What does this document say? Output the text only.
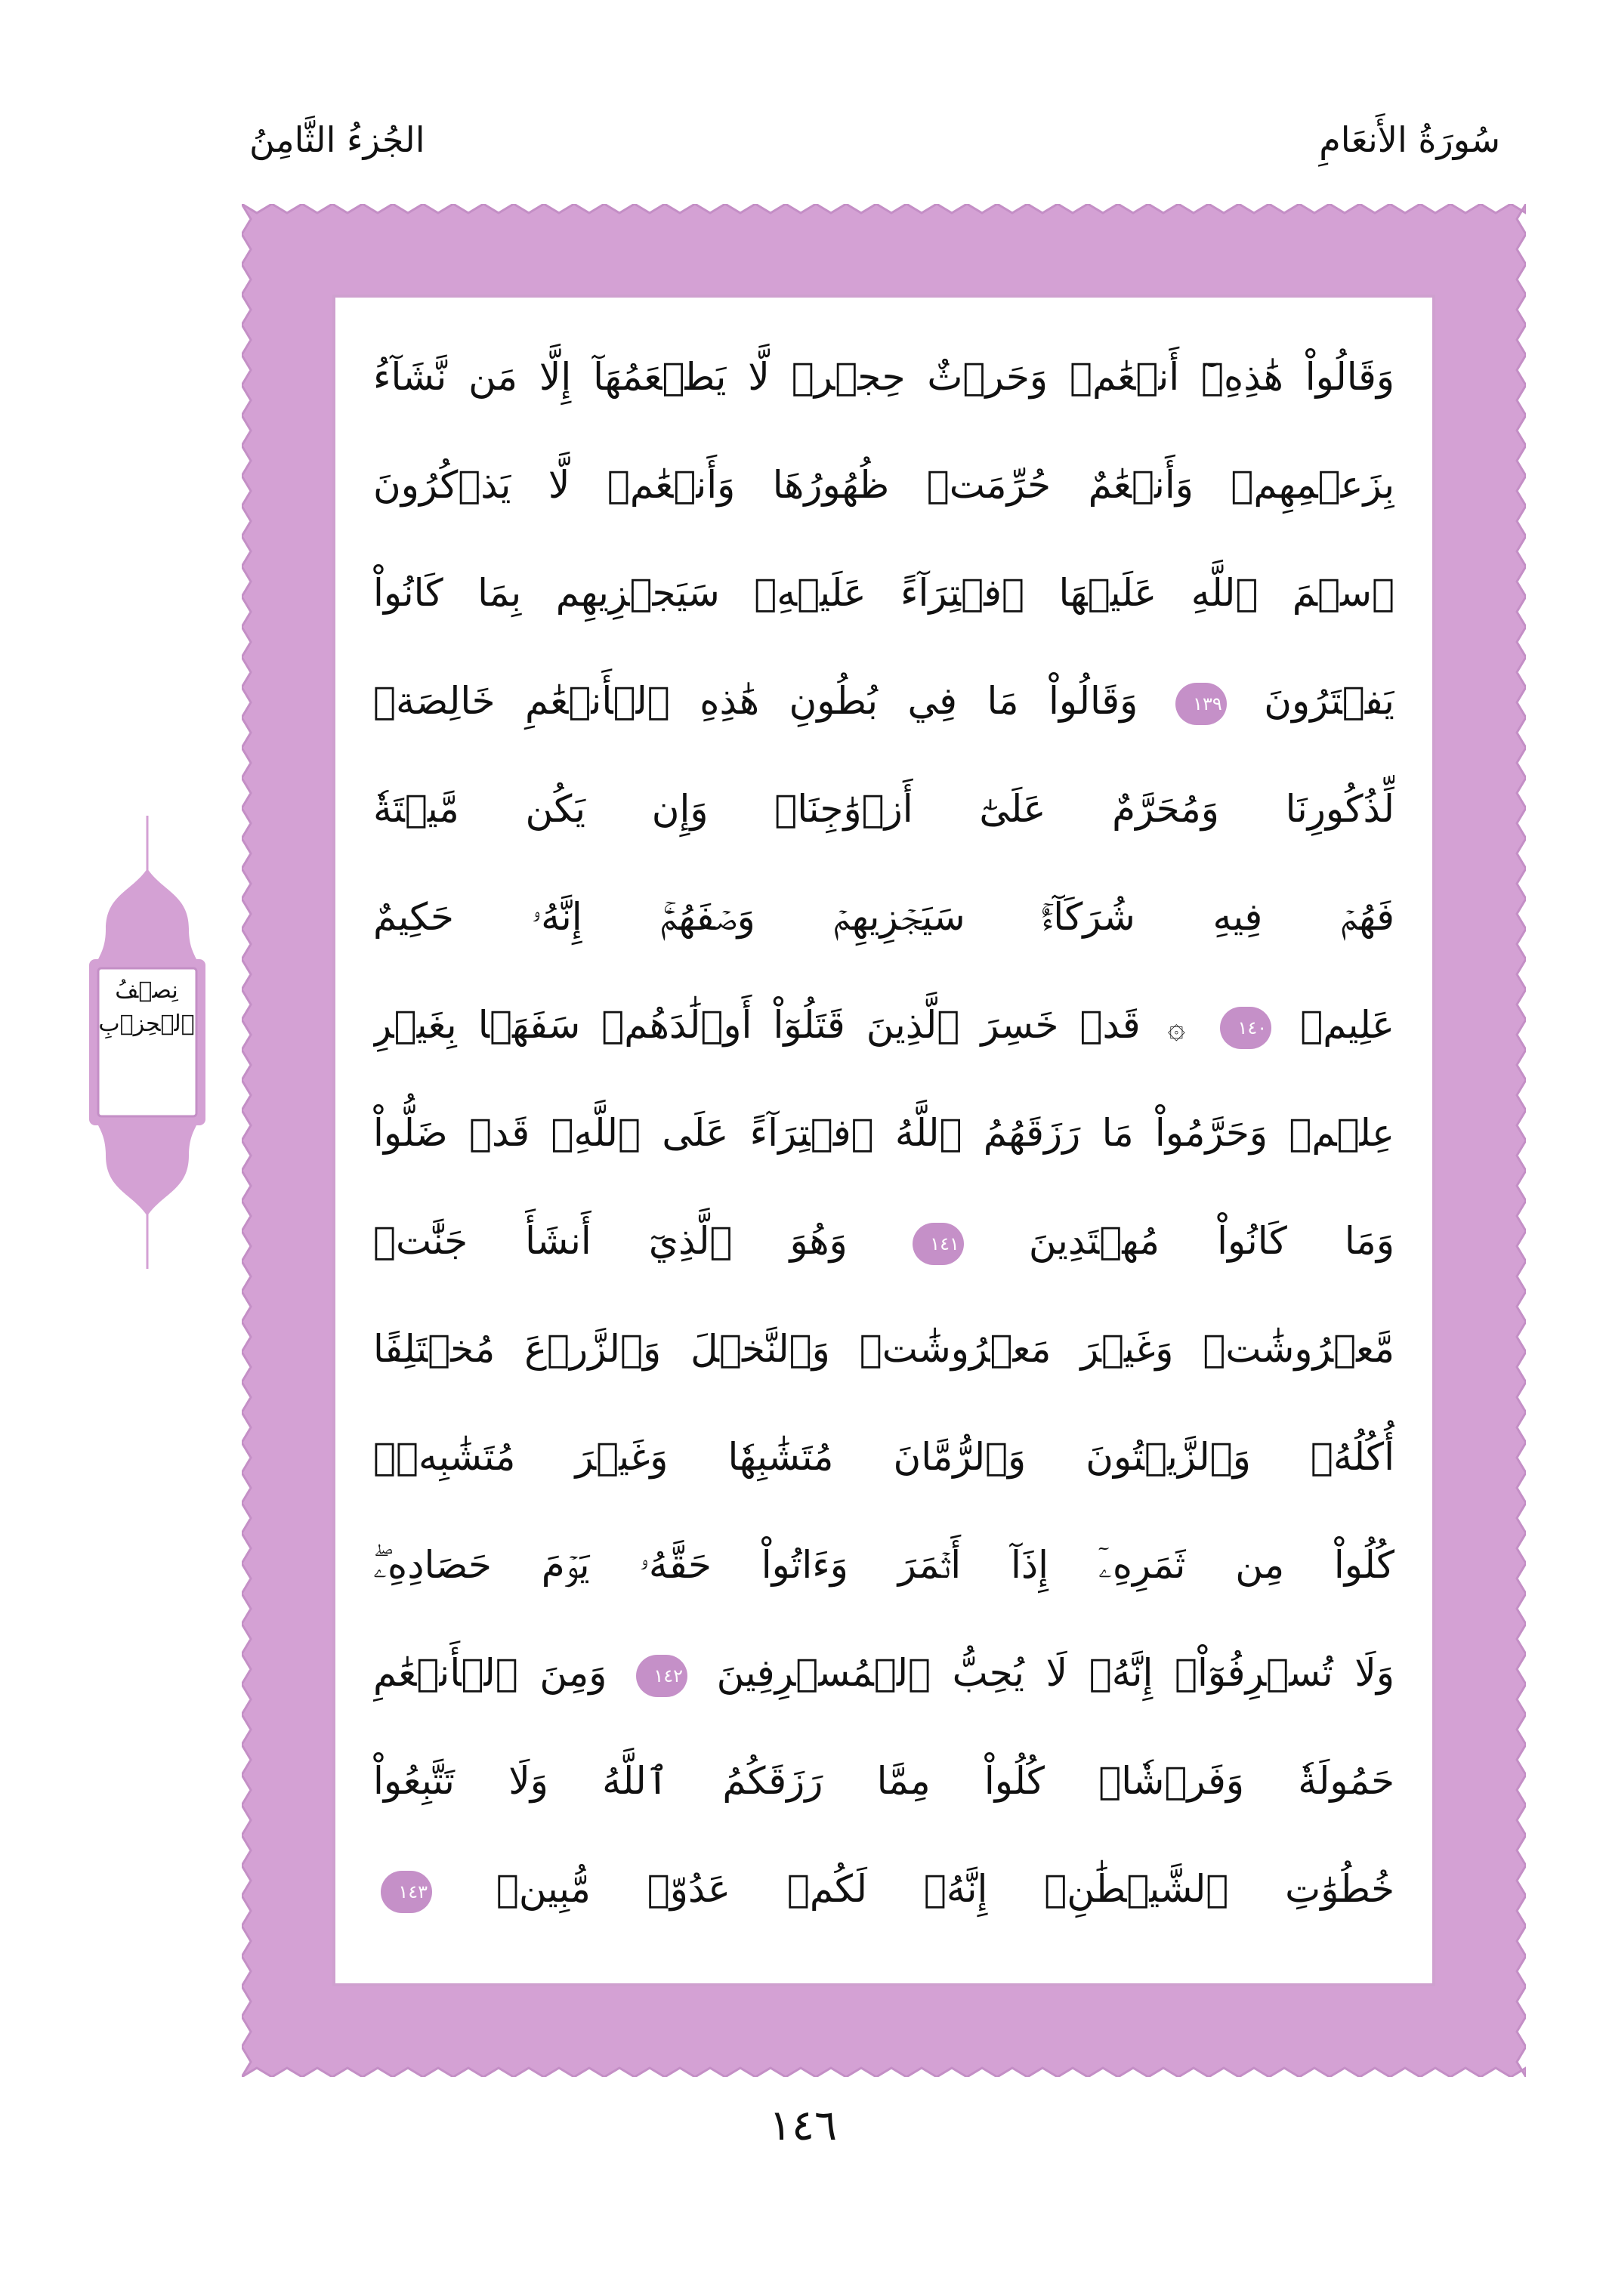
سُورَةُ الأَنعَامِ
الجُزءُ الثَّامِنُ
وَقَالُواْ هَٰذِهِۦٓ أَنۡعَٰمٞ وَحَرۡثٌ حِجۡرٞ لَّا يَطۡعَمُهَآ إِلَّا مَن نَّشَآءُ
بِزَعۡمِهِمۡ وَأَنۡعَٰمٌ حُرِّمَتۡ ظُهُورُهَا وَأَنۡعَٰمٞ لَّا يَذۡكُرُونَ
ٱسۡمَ ٱللَّهِ عَلَيۡهَا ٱفۡتِرَآءً عَلَيۡهِۚ سَيَجۡزِيهِم بِمَا كَانُواْ
يَفۡتَرُونَ ١٣٩ وَقَالُواْ مَا فِي بُطُونِ هَٰذِهِ ٱلۡأَنۡعَٰمِ خَالِصَةٞ
لِّذُكُورِنَا وَمُحَرَّمٌ عَلَىٰٓ أَزۡوَٰجِنَاۖ وَإِن يَكُن مَّيۡتَةٗ
فَهُمۡ فِيهِ شُرَكَآءُۚ سَيَجۡزِيهِمۡ وَصۡفَهُمۡۚ إِنَّهُۥ حَكِيمٌ
عَلِيمٞ ١٤٠ ۞ قَدۡ خَسِرَ ٱلَّذِينَ قَتَلُوٓاْ أَوۡلَٰدَهُمۡ سَفَهَۢا بِغَيۡرِ
عِلۡمٖ وَحَرَّمُواْ مَا رَزَقَهُمُ ٱللَّهُ ٱفۡتِرَآءً عَلَى ٱللَّهِۚ قَدۡ ضَلُّواْ
وَمَا كَانُواْ مُهۡتَدِينَ ١٤١ وَهُوَ ٱلَّذِيٓ أَنشَأَ جَنَّٰتٖ
مَّعۡرُوشَٰتٖ وَغَيۡرَ مَعۡرُوشَٰتٖ وَٱلنَّخۡلَ وَٱلزَّرۡعَ مُخۡتَلِفًا
أُكُلُهُۥ وَٱلزَّيۡتُونَ وَٱلرُّمَّانَ مُتَشَٰبِهٗا وَغَيۡرَ مُتَشَٰبِهٖۚ
كُلُواْ مِن ثَمَرِهِۦٓ إِذَآ أَثۡمَرَ وَءَاتُواْ حَقَّهُۥ يَوۡمَ حَصَادِهِۦۖ
وَلَا تُسۡرِفُوٓاْۚ إِنَّهُۥ لَا يُحِبُّ ٱلۡمُسۡرِفِينَ ١٤٢ وَمِنَ ٱلۡأَنۡعَٰمِ
حَمُولَةٗ وَفَرۡشٗاۚ كُلُواْ مِمَّا رَزَقَكُمُ ٱللَّهُ وَلَا تَتَّبِعُواْ
خُطُوَٰتِ ٱلشَّيۡطَٰنِۚ إِنَّهُۥ لَكُمۡ عَدُوّٞ مُّبِينٞ ١٤٣
نِصۡفُ
ٱلۡحِزۡبِ
١٤٦
